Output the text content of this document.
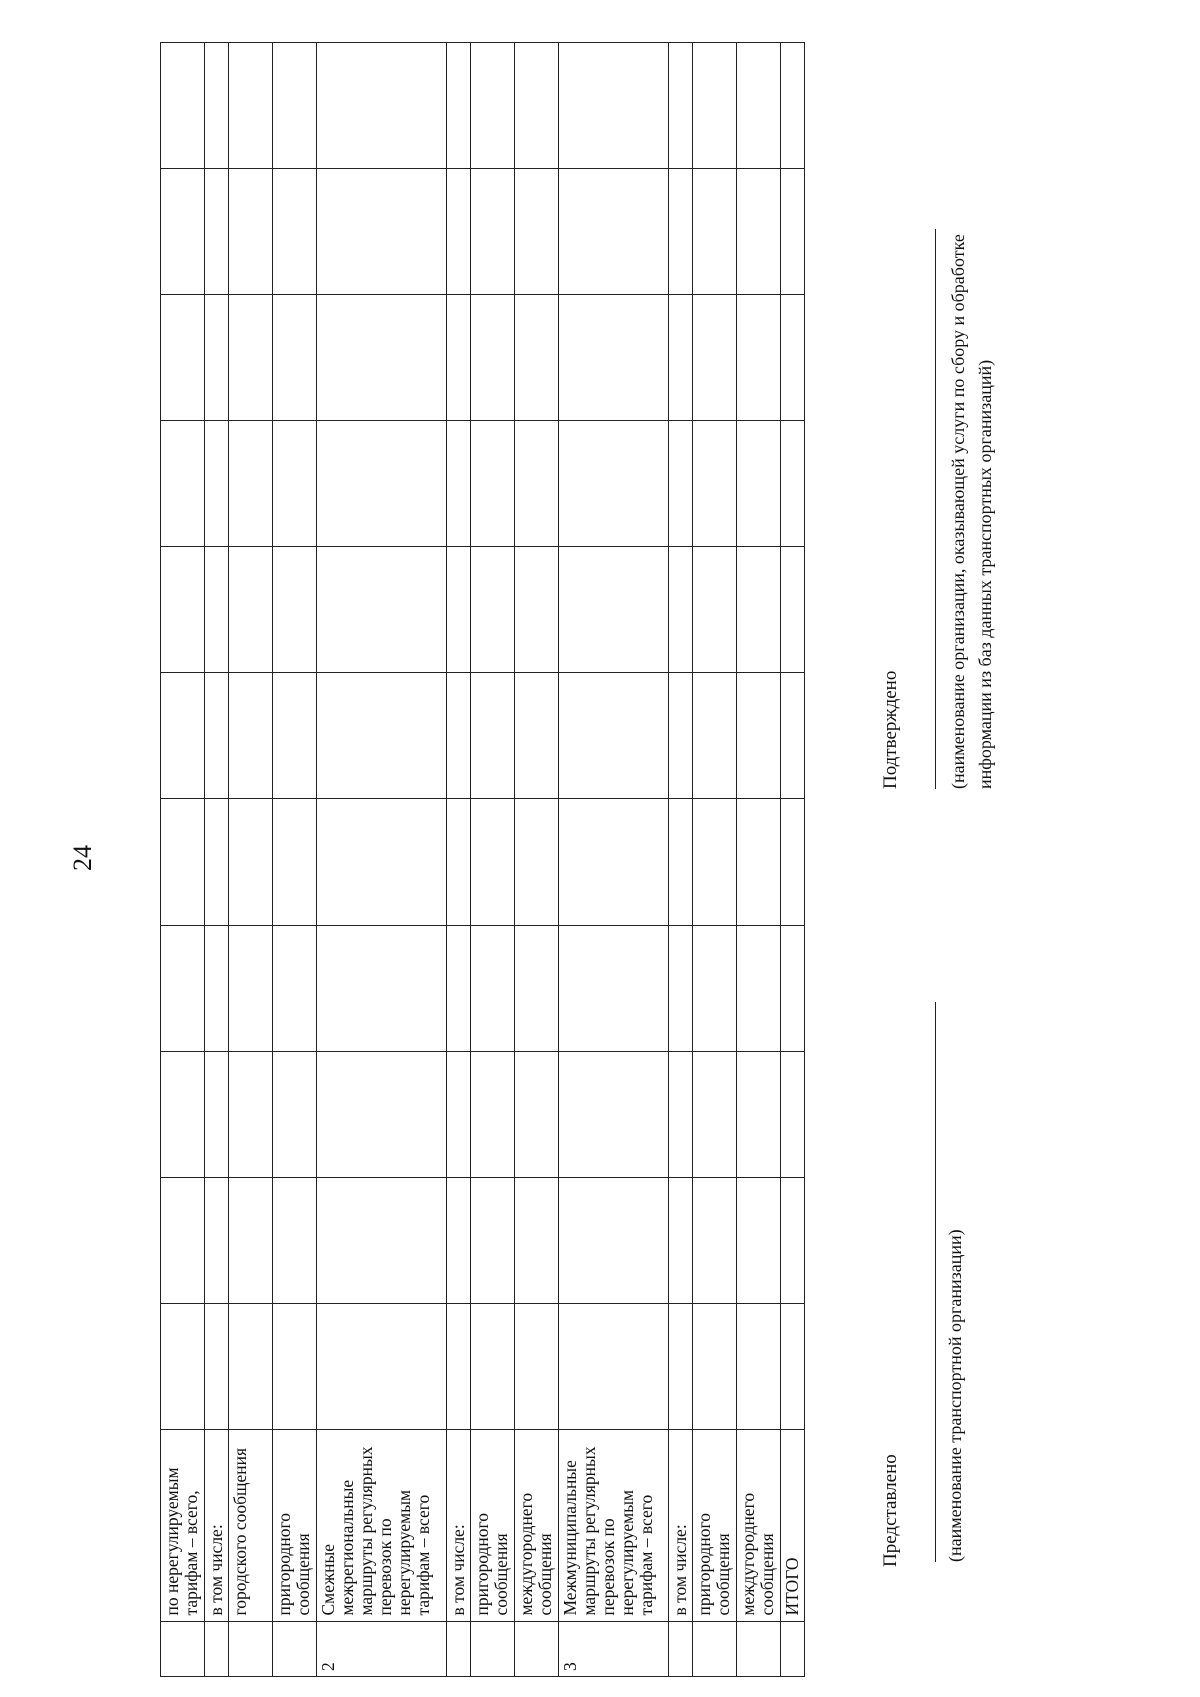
24
	по нерегулируемым тарифам – всего,											
	в том числе:											
	городского сообщения											
	пригородного сообщения											
2	Смежные межрегиональные маршруты регулярных перевозок по нерегулируемым тарифам – всего											
	в том числе:											
	пригородного сообщения											
	междугороднего сообщения											
3	Межмуниципальные маршруты регулярных перевозок по нерегулируемым тарифам – всего											
	в том числе:											
	пригородного сообщения											
	междугороднего сообщения											
	ИТОГО											
Представлено (наименование транспортной организации)
Подтверждено	(наименование организации, оказывающей услуги по сбору и обработке информации из баз данных транспортных организаций)
